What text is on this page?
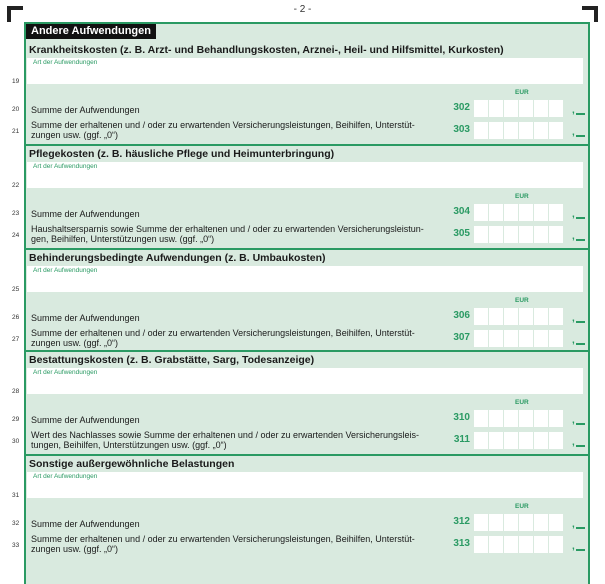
- 2 -
Andere Aufwendungen
Krankheitskosten (z. B. Arzt- und Behandlungskosten, Arznei-, Heil- und Hilfsmittel, Kurkosten)
Art der Aufwendungen
19
EUR
20 Summe der Aufwendungen	302	,
21
Summe der erhaltenen und / oder zu erwartenden Versicherungsleistungen, Beihilfen, Unterstüt-
zungen usw. (ggf. „0“)	303	,
Pflegekosten (z. B. häusliche Pflege und Heimunterbringung)
Art der Aufwendungen
22
EUR
23 Summe der Aufwendungen	304	,
24
Haushaltsersparnis sowie Summe der erhaltenen und / oder zu erwartenden Versicherungsleistun-
gen, Beihilfen, Unterstützungen usw. (ggf. „0“)	305	,
Behinderungsbedingte Aufwendungen (z. B. Umbaukosten)
Art der Aufwendungen
25
EUR
26 Summe der Aufwendungen	306	,
27
Summe der erhaltenen und / oder zu erwartenden Versicherungsleistungen, Beihilfen, Unterstüt-
zungen usw. (ggf. „0“)	307	,
Bestattungskosten (z. B. Grabstätte, Sarg, Todesanzeige)
Art der Aufwendungen
28
EUR
29 Summe der Aufwendungen	310	,
30
Wert des Nachlasses sowie Summe der erhaltenen und / oder zu erwartenden Versicherungsleis-
tungen, Beihilfen, Unterstützungen usw. (ggf. „0“)	311	,
Sonstige außergewöhnliche Belastungen
Art der Aufwendungen
31
EUR
32 Summe der Aufwendungen	312	,
33
Summe der erhaltenen und / oder zu erwartenden Versicherungsleistungen, Beihilfen, Unterstüt-
zungen usw. (ggf. „0“)	313	,
